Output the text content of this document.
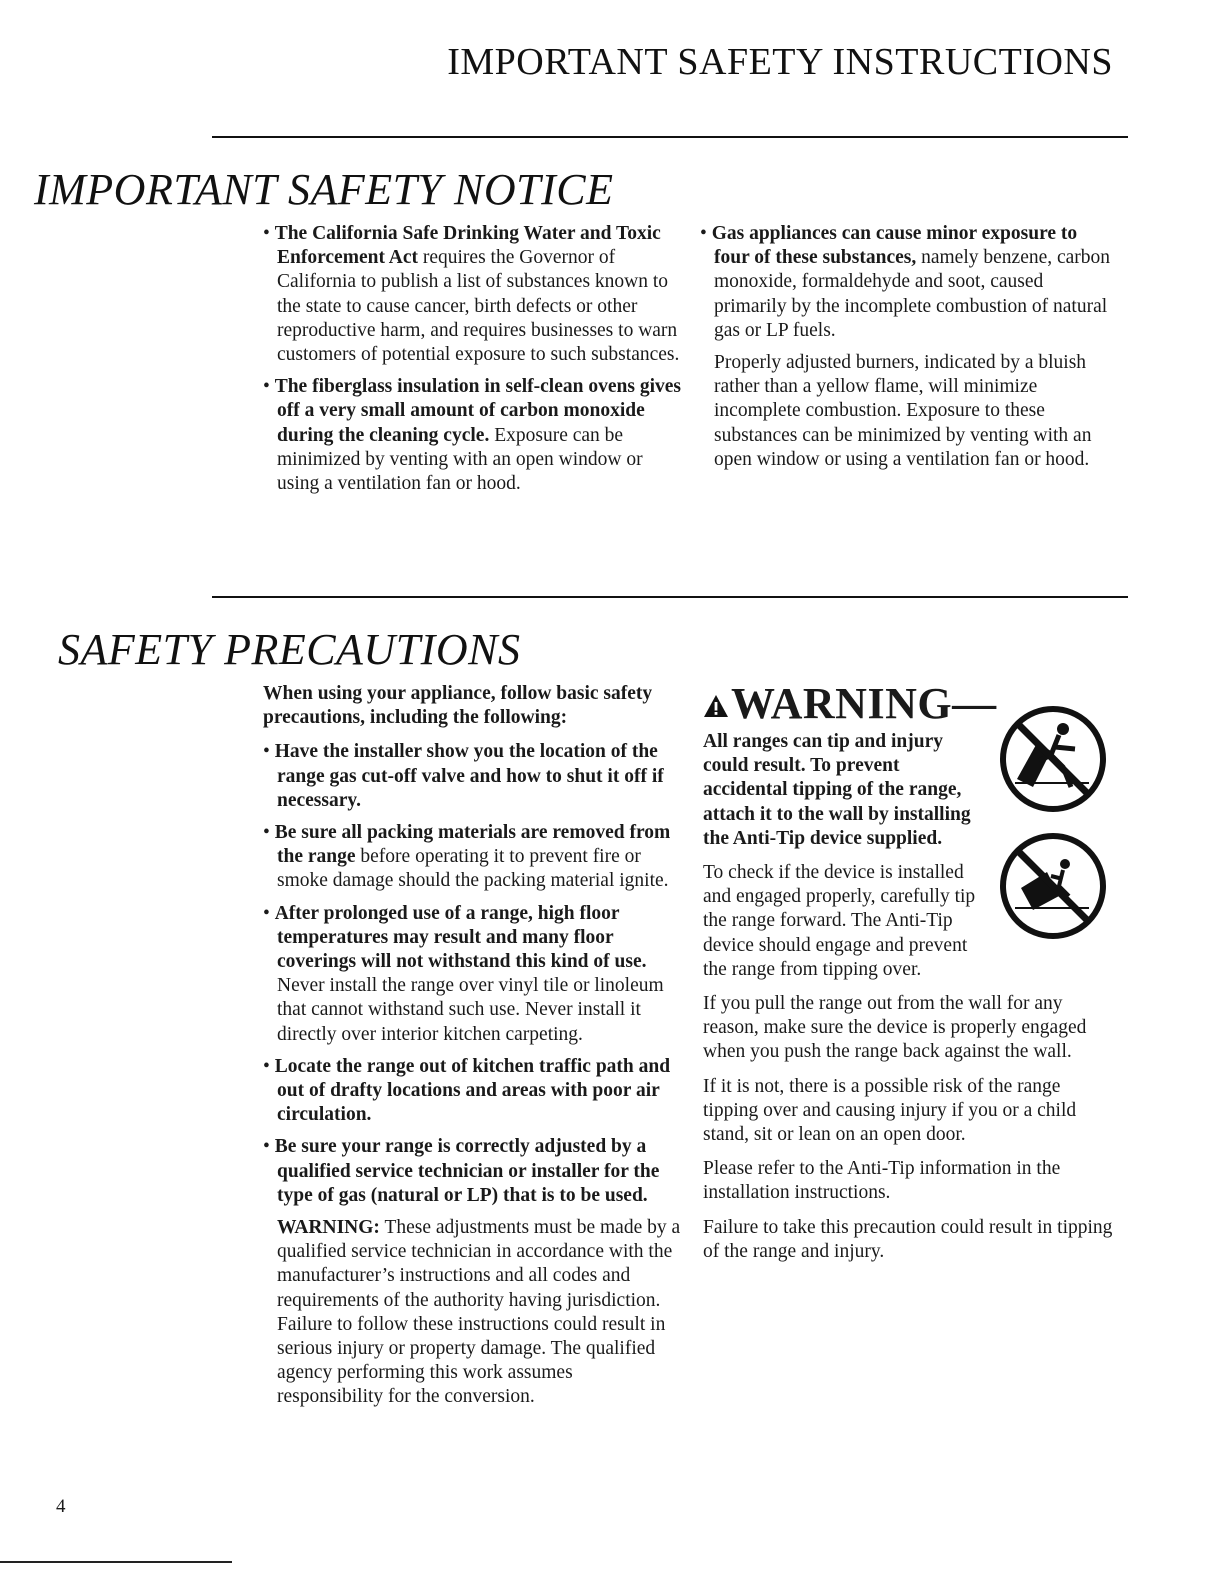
IMPORTANT SAFETY INSTRUCTIONS
IMPORTANT SAFETY NOTICE

• The California Safe Drinking Water and Toxic Enforcement Act requires the Governor of California to publish a list of substances known to the state to cause cancer, birth defects or other reproductive harm, and requires businesses to warn customers of potential exposure to such substances.

• The fiberglass insulation in self-clean ovens gives off a very small amount of carbon monoxide during the cleaning cycle. Exposure can be minimized by venting with an open window or using a ventilation fan or hood.

• Gas appliances can cause minor exposure to four of these substances, namely benzene, carbon monoxide, formaldehyde and soot, caused primarily by the incomplete combustion of natural gas or LP fuels.

Properly adjusted burners, indicated by a bluish rather than a yellow flame, will minimize incomplete combustion. Exposure to these substances can be minimized by venting with an open window or using a ventilation fan or hood.

SAFETY PRECAUTIONS

When using your appliance, follow basic safety precautions, including the following:

• Have the installer show you the location of the range gas cut-off valve and how to shut it off if necessary.

• Be sure all packing materials are removed from the range before operating it to prevent fire or smoke damage should the packing material ignite.

• After prolonged use of a range, high floor temperatures may result and many floor coverings will not withstand this kind of use. Never install the range over vinyl tile or linoleum that cannot withstand such use. Never install it directly over interior kitchen carpeting.

• Locate the range out of kitchen traffic path and out of drafty locations and areas with poor air circulation.

• Be sure your range is correctly adjusted by a qualified service technician or installer for the type of gas (natural or LP) that is to be used.

WARNING: These adjustments must be made by a qualified service technician in accordance with the manufacturer’s instructions and all codes and requirements of the authority having jurisdiction. Failure to follow these instructions could result in serious injury or property damage. The qualified agency performing this work assumes responsibility for the conversion.

WARNING—

All ranges can tip and injury could result. To prevent accidental tipping of the range, attach it to the wall by installing the Anti-Tip device supplied.

To check if the device is installed and engaged properly, carefully tip the range forward. The Anti-Tip device should engage and prevent the range from tipping over.

If you pull the range out from the wall for any reason, make sure the device is properly engaged when you push the range back against the wall.

If it is not, there is a possible risk of the range tipping over and causing injury if you or a child stand, sit or lean on an open door.

Please refer to the Anti-Tip information in the installation instructions.

Failure to take this precaution could result in tipping of the range and injury.

4
